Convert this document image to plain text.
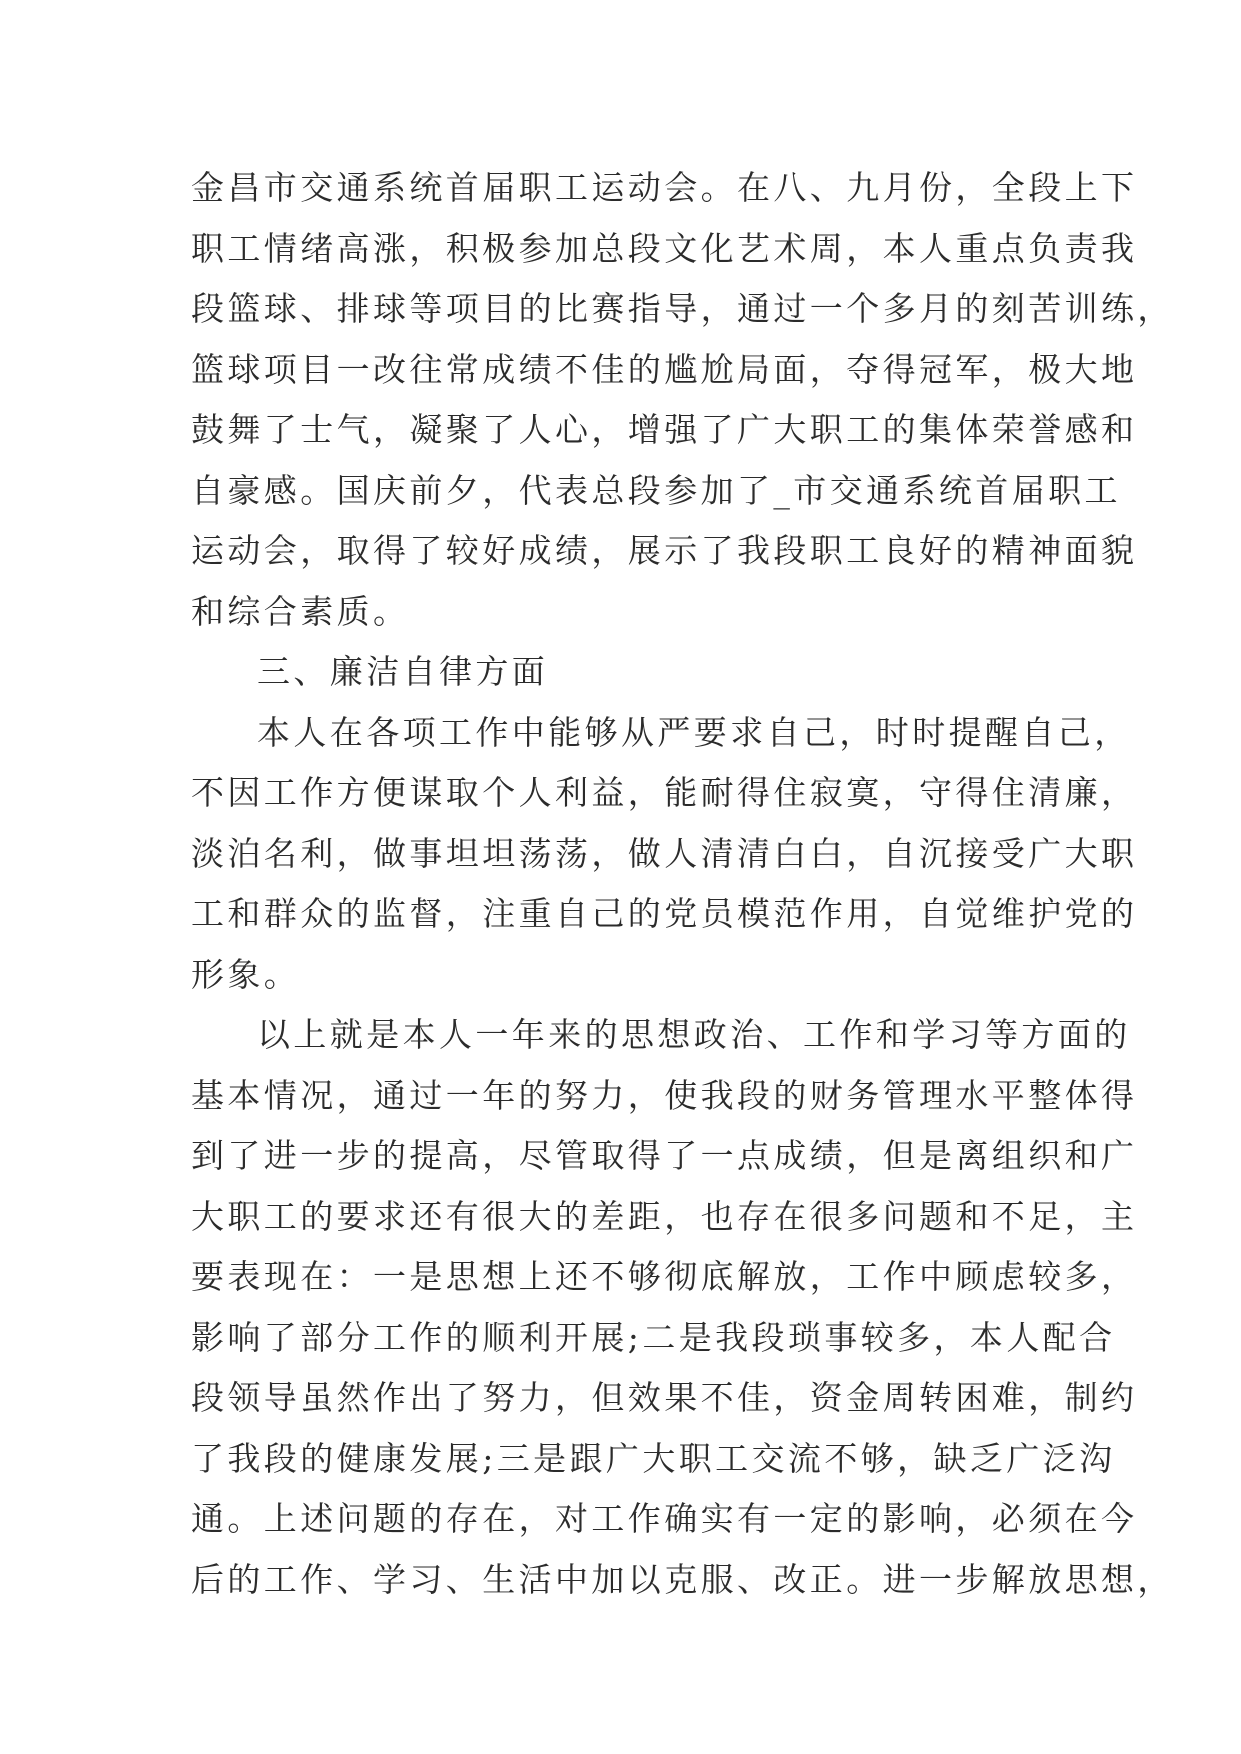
金昌市交通系统首届职工运动会。在八、九月份，全段上下
职工情绪高涨，积极参加总段文化艺术周，本人重点负责我
段篮球、排球等项目的比赛指导，通过一个多月的刻苦训练，
篮球项目一改往常成绩不佳的尴尬局面，夺得冠军，极大地
鼓舞了士气，凝聚了人心，增强了广大职工的集体荣誉感和
自豪感。国庆前夕，代表总段参加了_市交通系统首届职工
运动会，取得了较好成绩，展示了我段职工良好的精神面貌
和综合素质。
三、廉洁自律方面
本人在各项工作中能够从严要求自己，时时提醒自己，
不因工作方便谋取个人利益，能耐得住寂寞，守得住清廉，
淡泊名利，做事坦坦荡荡，做人清清白白，自沉接受广大职
工和群众的监督，注重自己的党员模范作用，自觉维护党的
形象。
以上就是本人一年来的思想政治、工作和学习等方面的
基本情况，通过一年的努力，使我段的财务管理水平整体得
到了进一步的提高，尽管取得了一点成绩，但是离组织和广
大职工的要求还有很大的差距，也存在很多问题和不足，主
要表现在：一是思想上还不够彻底解放，工作中顾虑较多，
影响了部分工作的顺利开展;二是我段琐事较多，本人配合
段领导虽然作出了努力，但效果不佳，资金周转困难，制约
了我段的健康发展;三是跟广大职工交流不够，缺乏广泛沟
通。上述问题的存在，对工作确实有一定的影响，必须在今
后的工作、学习、生活中加以克服、改正。进一步解放思想，
